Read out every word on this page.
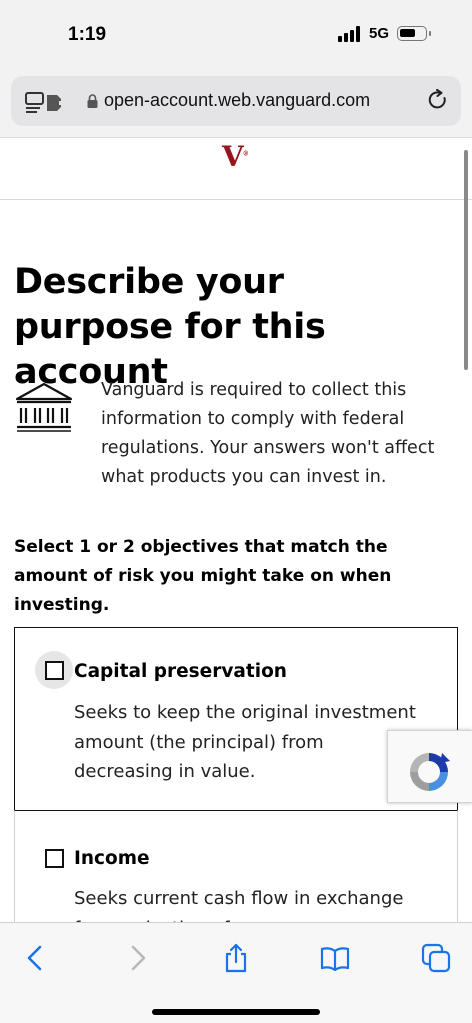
1:19	5G
open-account.web.vanguard.com
V®
Describe your purpose for this account

Vanguard is required to collect this information to comply with federal regulations. Your answers won't affect what products you can invest in.

Select 1 or 2 objectives that match the amount of risk you might take on when investing.

Capital preservation
Seeks to keep the original investment amount (the principal) from decreasing in value.
Income
Seeks current cash flow in exchange
